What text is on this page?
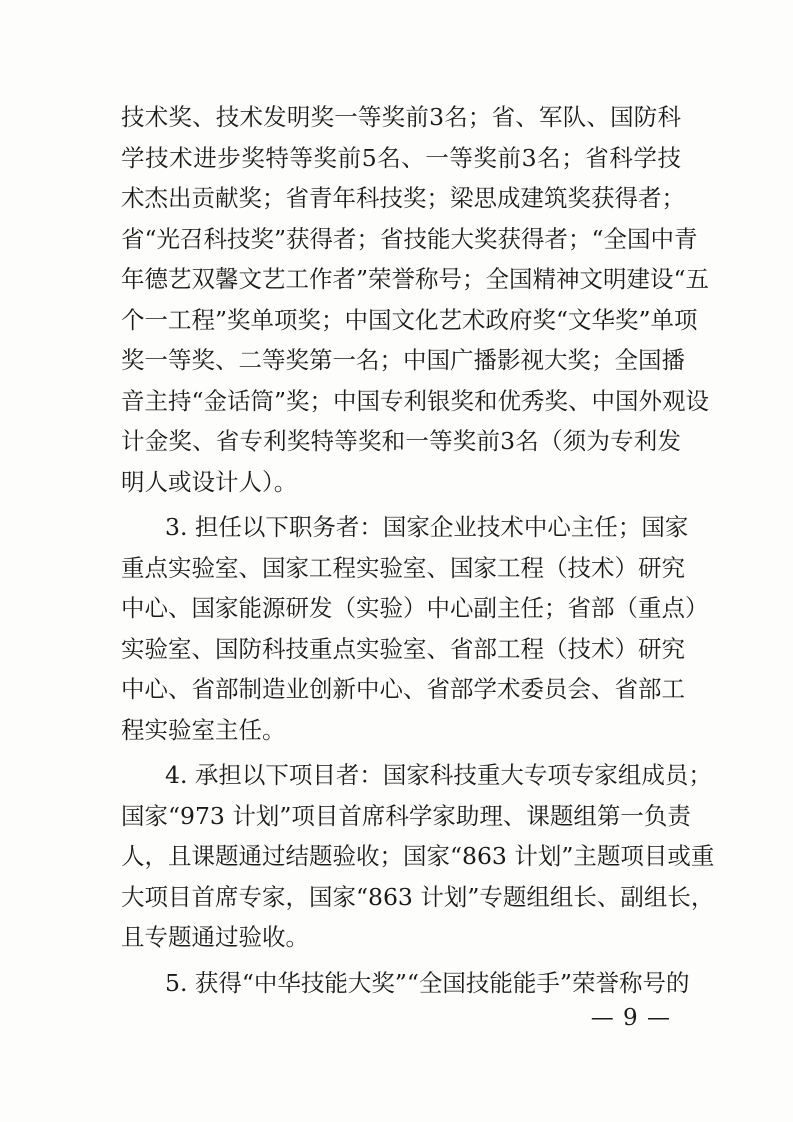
技术奖、技术发明奖一等奖前3名；省、军队、国防科
学技术进步奖特等奖前5名、一等奖前3名；省科学技
术杰出贡献奖；省青年科技奖；梁思成建筑奖获得者；
省“光召科技奖”获得者；省技能大奖获得者；“全国中青
年德艺双馨文艺工作者”荣誉称号；全国精神文明建设“五
个一工程”奖单项奖；中国文化艺术政府奖“文华奖”单项
奖一等奖、二等奖第一名；中国广播影视大奖；全国播
音主持“金话筒”奖；中国专利银奖和优秀奖、中国外观设
计金奖、省专利奖特等奖和一等奖前3名（须为专利发
明人或设计人）。
3. 担任以下职务者：国家企业技术中心主任；国家
重点实验室、国家工程实验室、国家工程（技术）研究
中心、国家能源研发（实验）中心副主任；省部（重点）
实验室、国防科技重点实验室、省部工程（技术）研究
中心、省部制造业创新中心、省部学术委员会、省部工
程实验室主任。
4. 承担以下项目者：国家科技重大专项专家组成员；
国家“973 计划”项目首席科学家助理、课题组第一负责
人，且课题通过结题验收；国家“863 计划”主题项目或重
大项目首席专家，国家“863 计划”专题组组长、副组长，
且专题通过验收。
5. 获得“中华技能大奖”“全国技能能手”荣誉称号的
— 9 —
